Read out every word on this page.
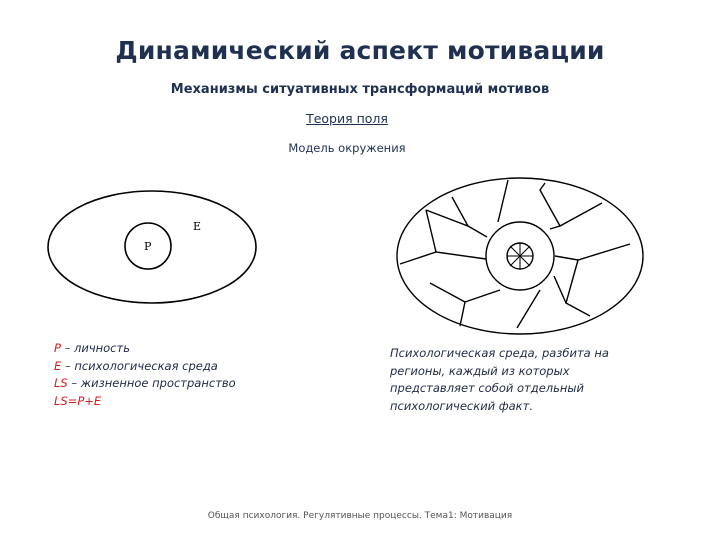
Динамический аспект мотивации
Механизмы ситуативных трансформаций мотивов
Теория поля
Модель окружения
P
E
P – личность
E – психологическая среда
LS – жизненное пространство
LS=P+E
Психологическая среда, разбита на регионы, каждый из которых представляет собой отдельный психологический факт.
Общая психология. Регулятивные процессы. Тема1: Мотивация
